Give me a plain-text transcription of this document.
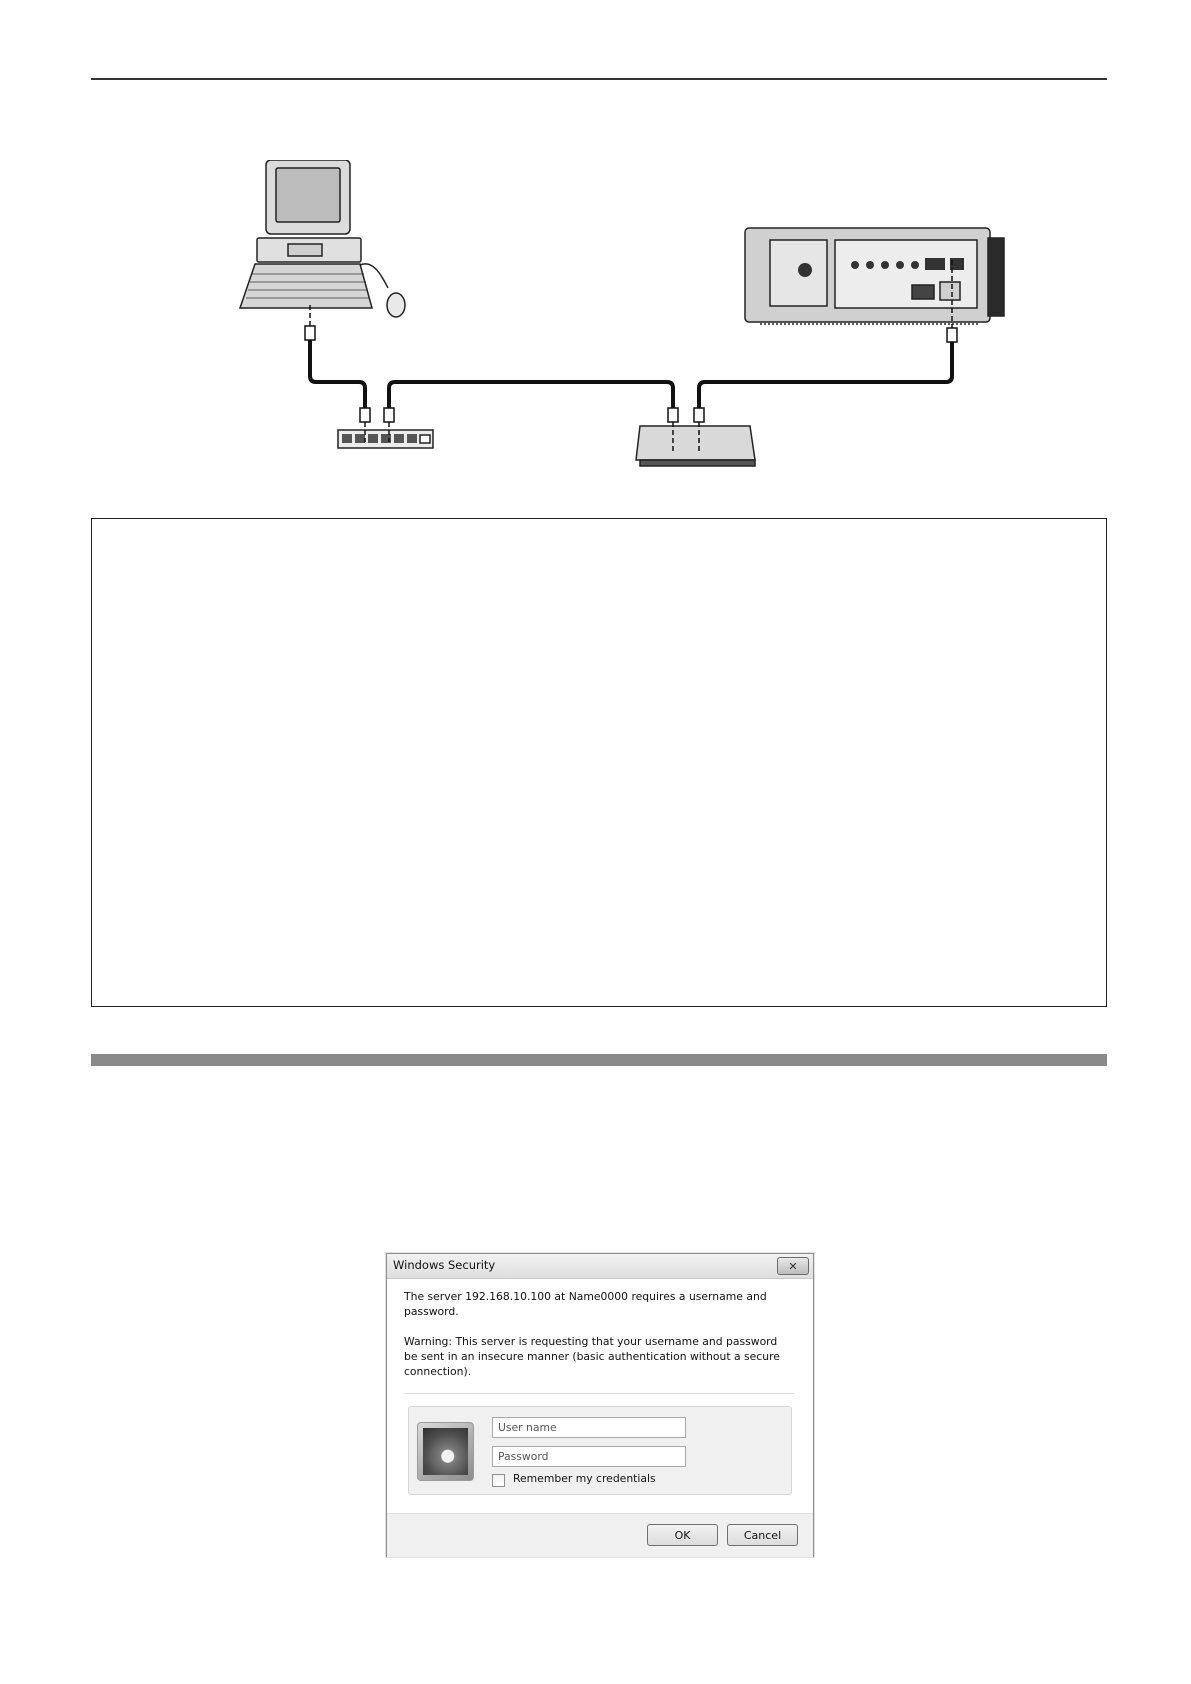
Windows Security	✕
The server 192.168.10.100 at Name0000 requires a username and password.
Warning: This server is requesting that your username and password be sent in an insecure manner (basic authentication without a secure connection).
User name
Password
Remember my credentials
OK	Cancel
